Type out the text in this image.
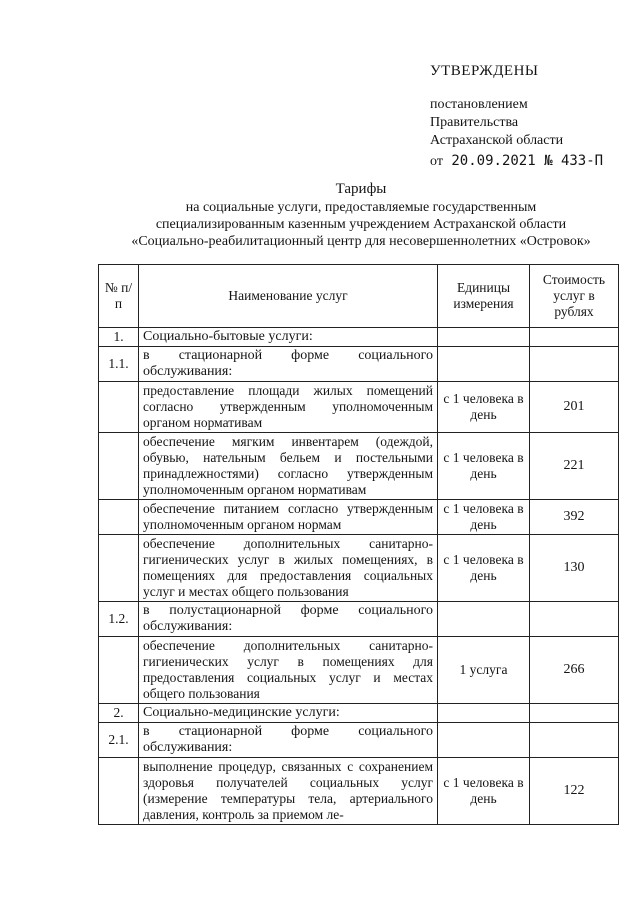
УТВЕРЖДЕНЫ
постановлением
Правительства
Астраханской области
от 20.09.2021 № 433-П
Тарифы
на социальные услуги, предоставляемые государственным
специализированным казенным учреждением Астраханской области
«Социально-реабилитационный центр для несовершеннолетних «Островок»
№ п/п	Наименование услуг	Единицы измерения	Стоимость услуг в рублях
1.	Социально-бытовые услуги:		
1.1.	в стационарной форме социального обслуживания:		
	предоставление площади жилых помещений согласно утвержденным уполномоченным органом нормативам	с 1 человека в день	201
	обеспечение мягким инвентарем (одеждой, обувью, нательным бельем и постельными принадлежностями) согласно утвержденным уполномоченным органом нормативам	с 1 человека в день	221
	обеспечение питанием согласно утвержденным уполномоченным органом нормам	с 1 человека в день	392
	обеспечение дополнительных санитарно-гигиенических услуг в жилых помещениях, в помещениях для предоставления социальных услуг и местах общего пользования	с 1 человека в день	130
1.2.	в полустационарной форме социального обслуживания:		
	обеспечение дополнительных санитарно-гигиенических услуг в помещениях для предоставления социальных услуг и местах общего пользования	1 услуга	266
2.	Социально-медицинские услуги:		
2.1.	в стационарной форме социального обслуживания:		
	выполнение процедур, связанных с сохранением здоровья получателей социальных услуг (измерение температуры тела, артериального давления, контроль за приемом ле-	с 1 человека в день	122
